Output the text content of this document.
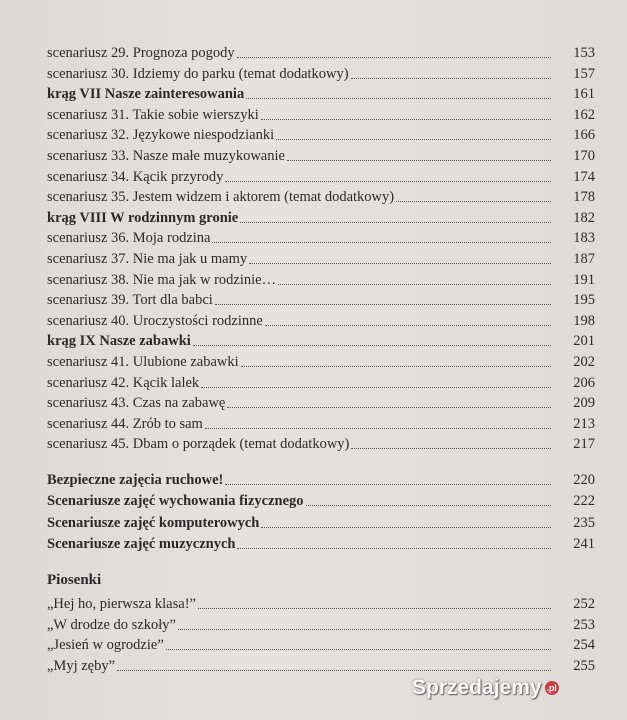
Piosenki
scenariusz 29. Prognoza pogody	153
scenariusz 30. Idziemy do parku (temat dodatkowy)	157
krąg VII Nasze zainteresowania	161
scenariusz 31. Takie sobie wierszyki	162
scenariusz 32. Językowe niespodzianki	166
scenariusz 33. Nasze małe muzykowanie	170
scenariusz 34. Kącik przyrody	174
scenariusz 35. Jestem widzem i aktorem (temat dodatkowy)	178
krąg VIII W rodzinnym gronie	182
scenariusz 36. Moja rodzina	183
scenariusz 37. Nie ma jak u mamy	187
scenariusz 38. Nie ma jak w rodzinie…	191
scenariusz 39. Tort dla babci	195
scenariusz 40. Uroczystości rodzinne	198
krąg IX Nasze zabawki	201
scenariusz 41. Ulubione zabawki	202
scenariusz 42. Kącik lalek	206
scenariusz 43. Czas na zabawę	209
scenariusz 44. Zrób to sam	213
scenariusz 45. Dbam o porządek (temat dodatkowy)	217
Bezpieczne zajęcia ruchowe!	220
Scenariusze zajęć wychowania fizycznego	222
Scenariusze zajęć komputerowych	235
Scenariusze zajęć muzycznych	241
„Hej ho, pierwsza klasa!”	252
„W drodze do szkoły”	253
„Jesień w ogrodzie”	254
„Myj zęby”	255
Sprzedajemy .pl
